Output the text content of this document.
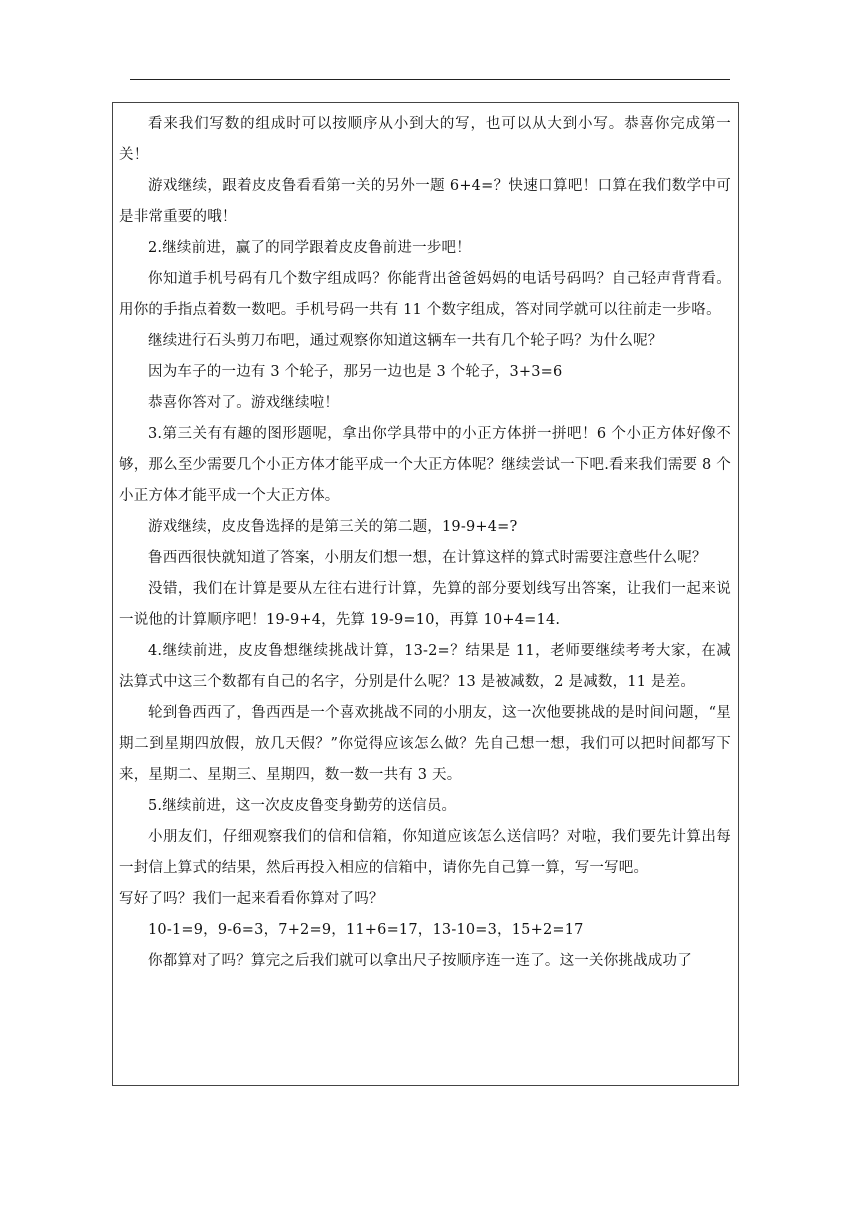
看来我们写数的组成时可以按顺序从小到大的写，也可以从大到小写。恭喜你完成第一关！

游戏继续，跟着皮皮鲁看看第一关的另外一题 6+4=？快速口算吧！口算在我们数学中可是非常重要的哦！

2.继续前进，赢了的同学跟着皮皮鲁前进一步吧！

你知道手机号码有几个数字组成吗？你能背出爸爸妈妈的电话号码吗？自己轻声背背看。用你的手指点着数一数吧。手机号码一共有 11 个数字组成，答对同学就可以往前走一步咯。

继续进行石头剪刀布吧，通过观察你知道这辆车一共有几个轮子吗？为什么呢？

因为车子的一边有 3 个轮子，那另一边也是 3 个轮子，3+3=6

恭喜你答对了。游戏继续啦！

3.第三关有有趣的图形题呢，拿出你学具带中的小正方体拼一拼吧！6 个小正方体好像不够，那么至少需要几个小正方体才能平成一个大正方体呢？继续尝试一下吧.看来我们需要 8 个小正方体才能平成一个大正方体。

游戏继续，皮皮鲁选择的是第三关的第二题，19-9+4=?

鲁西西很快就知道了答案，小朋友们想一想，在计算这样的算式时需要注意些什么呢？

没错，我们在计算是要从左往右进行计算，先算的部分要划线写出答案，让我们一起来说一说他的计算顺序吧！19-9+4，先算 19-9=10，再算 10+4=14.

4.继续前进，皮皮鲁想继续挑战计算，13-2=？结果是 11，老师要继续考考大家，在减法算式中这三个数都有自己的名字，分别是什么呢？13 是被减数，2 是减数，11 是差。

轮到鲁西西了，鲁西西是一个喜欢挑战不同的小朋友，这一次他要挑战的是时间问题，“星期二到星期四放假，放几天假？”你觉得应该怎么做？先自己想一想，我们可以把时间都写下来，星期二、星期三、星期四，数一数一共有 3 天。

5.继续前进，这一次皮皮鲁变身勤劳的送信员。

小朋友们，仔细观察我们的信和信箱，你知道应该怎么送信吗？对啦，我们要先计算出每一封信上算式的结果，然后再投入相应的信箱中，请你先自己算一算，写一写吧。

写好了吗？我们一起来看看你算对了吗？

10-1=9，9-6=3，7+2=9，11+6=17，13-10=3，15+2=17

你都算对了吗？算完之后我们就可以拿出尺子按顺序连一连了。这一关你挑战成功了
